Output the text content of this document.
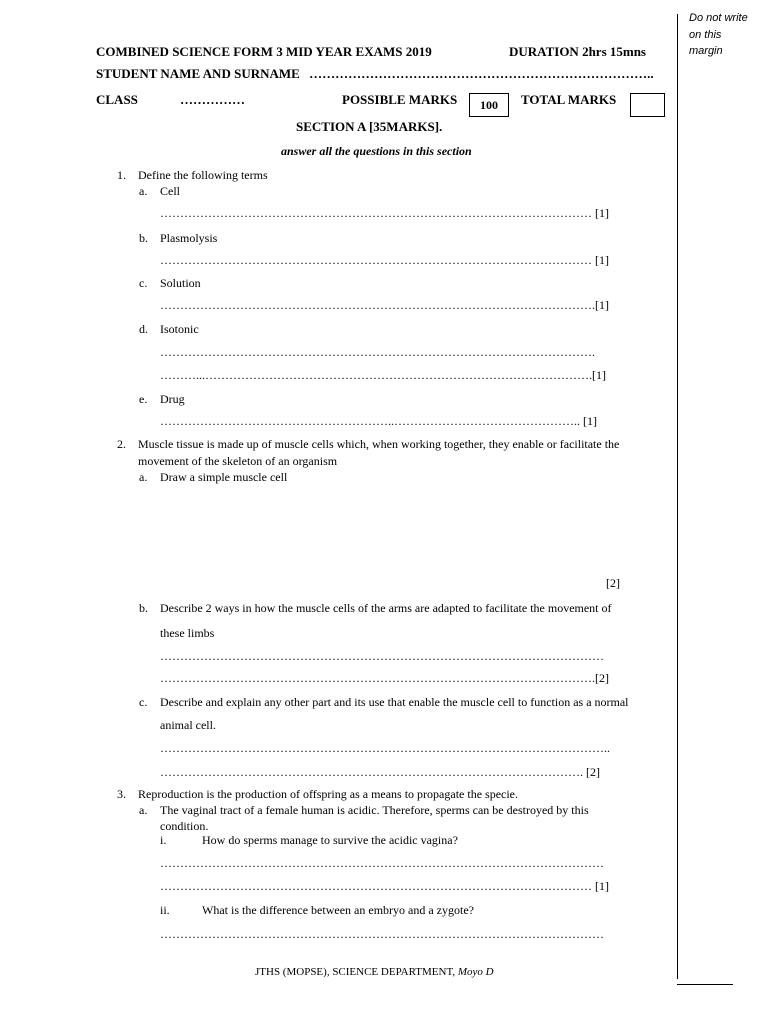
Do not write on this margin
COMBINED SCIENCE FORM 3 MID YEAR EXAMS 2019	DURATION 2hrs 15mns
STUDENT NAME AND SURNAME ……………………………………………………………………..
CLASS	……………	POSSIBLE MARKS	100	TOTAL MARKS
SECTION A [35MARKS].
answer all the questions in this section
1. Define the following terms
a. Cell
……………………………………………………………………………………………… [1]
b. Plasmolysis
……………………………………………………………………………………………… [1]
c. Solution
……………………………………………………………………………………………….[1]
d. Isotonic
……………………………………………………………………………………………….
………...…………………………………………………………………………………….[1]
e. Drug
…………………………………………………..……………………………………….. [1]
2. Muscle tissue is made up of muscle cells which, when working together, they enable or facilitate the
movement of the skeleton of an organism
a. Draw a simple muscle cell
[2]
b. Describe 2 ways in how the muscle cells of the arms are adapted to facilitate the movement of
these limbs
…………………………………………………………………………………………………
……………………………………………………………………………………………….[2]
c. Describe and explain any other part and its use that enable the muscle cell to function as a normal
animal cell.
…………………………………………………………………………………………………..
……………………………………………………………………………………………. [2]
3. Reproduction is the production of offspring as a means to propagate the specie.
a. The vaginal tract of a female human is acidic. Therefore, sperms can be destroyed by this
condition.
i.	How do sperms manage to survive the acidic vagina?
…………………………………………………………………………………………………
……………………………………………………………………………………………… [1]
ii.	What is the difference between an embryo and a zygote?
…………………………………………………………………………………………………
JTHS (MOPSE), SCIENCE DEPARTMENT, Moyo D
